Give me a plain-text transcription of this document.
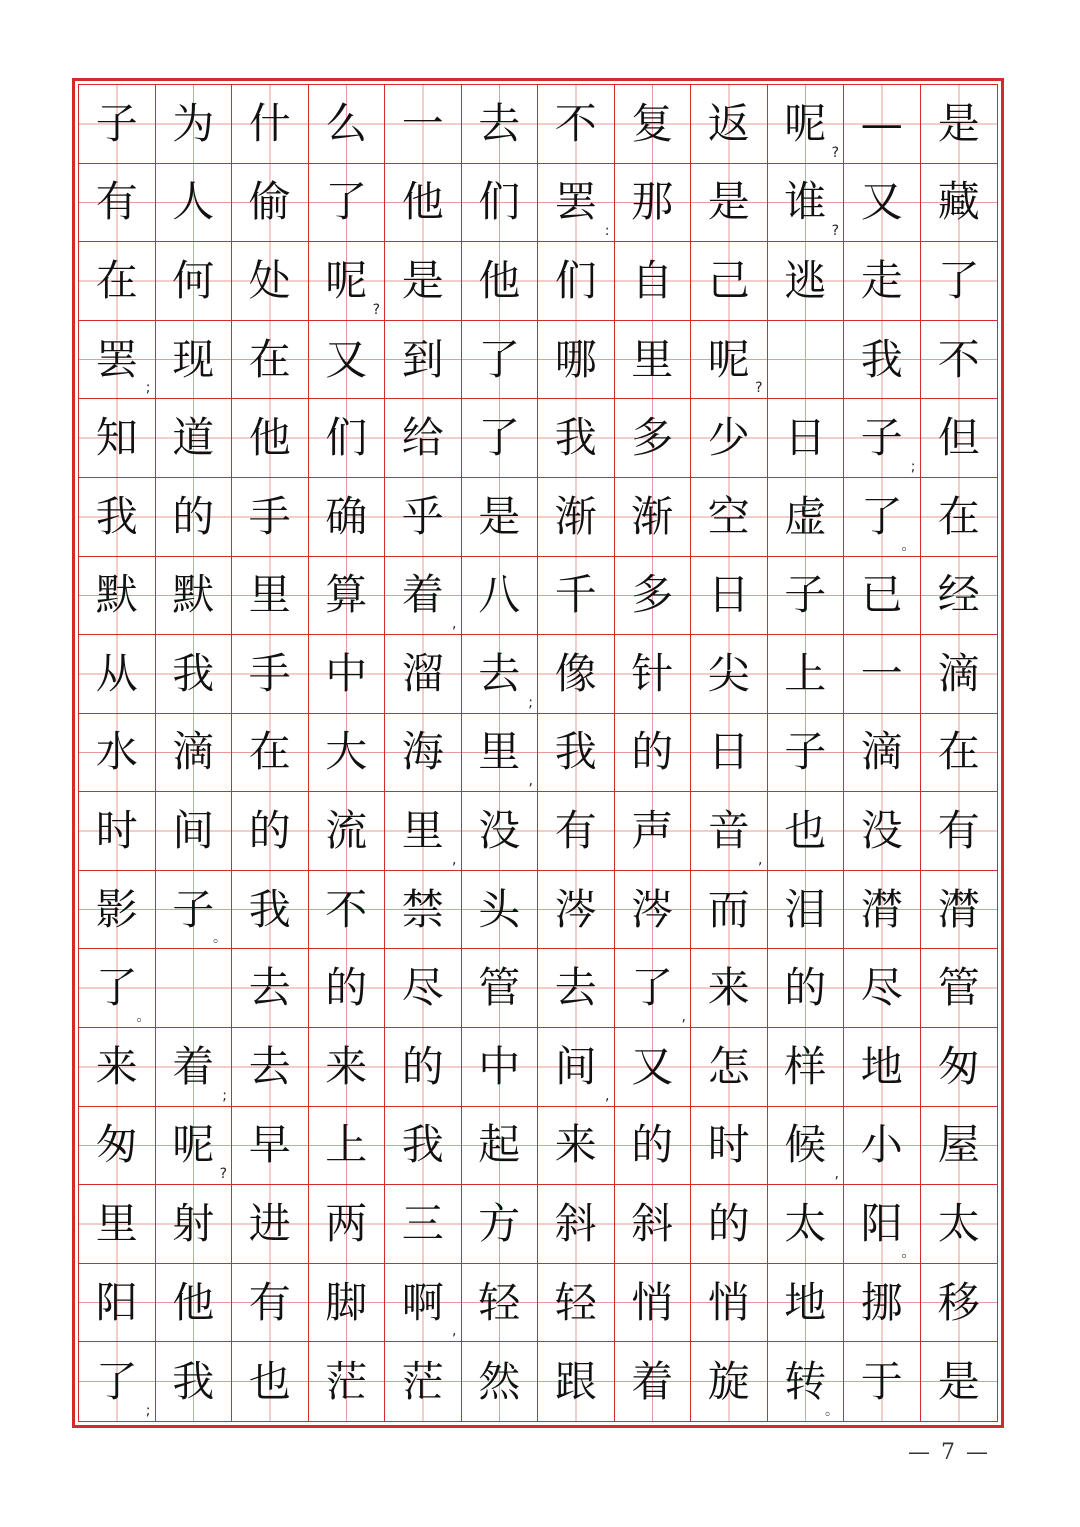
子 为 什 么 一 去 不 复 返 呢
?
— 是
有 人 偷 了 他 们 罢
:
那 是 谁
?
又 藏
在 何 处 呢
?
是 他 们 自 己 逃 走 了
罢
;
现 在 又 到 了 哪 里 呢
?
我 不
知 道 他 们 给 了 我 多 少 日 子
;
但
我 的 手 确 乎 是 渐 渐 空 虚 了
。
在
默 默 里 算 着
,
八 千 多 日 子 已 经
从 我 手 中 溜 去
;
像 针 尖 上 一 滴
水 滴 在 大 海 里
,
我 的 日 子 滴 在
时 间 的 流 里
,
没 有 声 音
,
也 没 有
影 子
。
我 不 禁 头 涔 涔 而 泪 潸 潸
了
。
去 的 尽 管 去 了
,
来 的 尽 管
来 着
;
去 来 的 中 间
,
又 怎 样 地 匆
匆 呢
?
早 上 我 起 来 的 时 候
,
小 屋
里 射 进 两 三 方 斜 斜 的 太 阳
。
太
阳 他 有 脚 啊
,
轻 轻 悄 悄 地 挪 移
了
;
我 也 茫 茫 然 跟 着 旋 转
。
于 是
— 7 —
